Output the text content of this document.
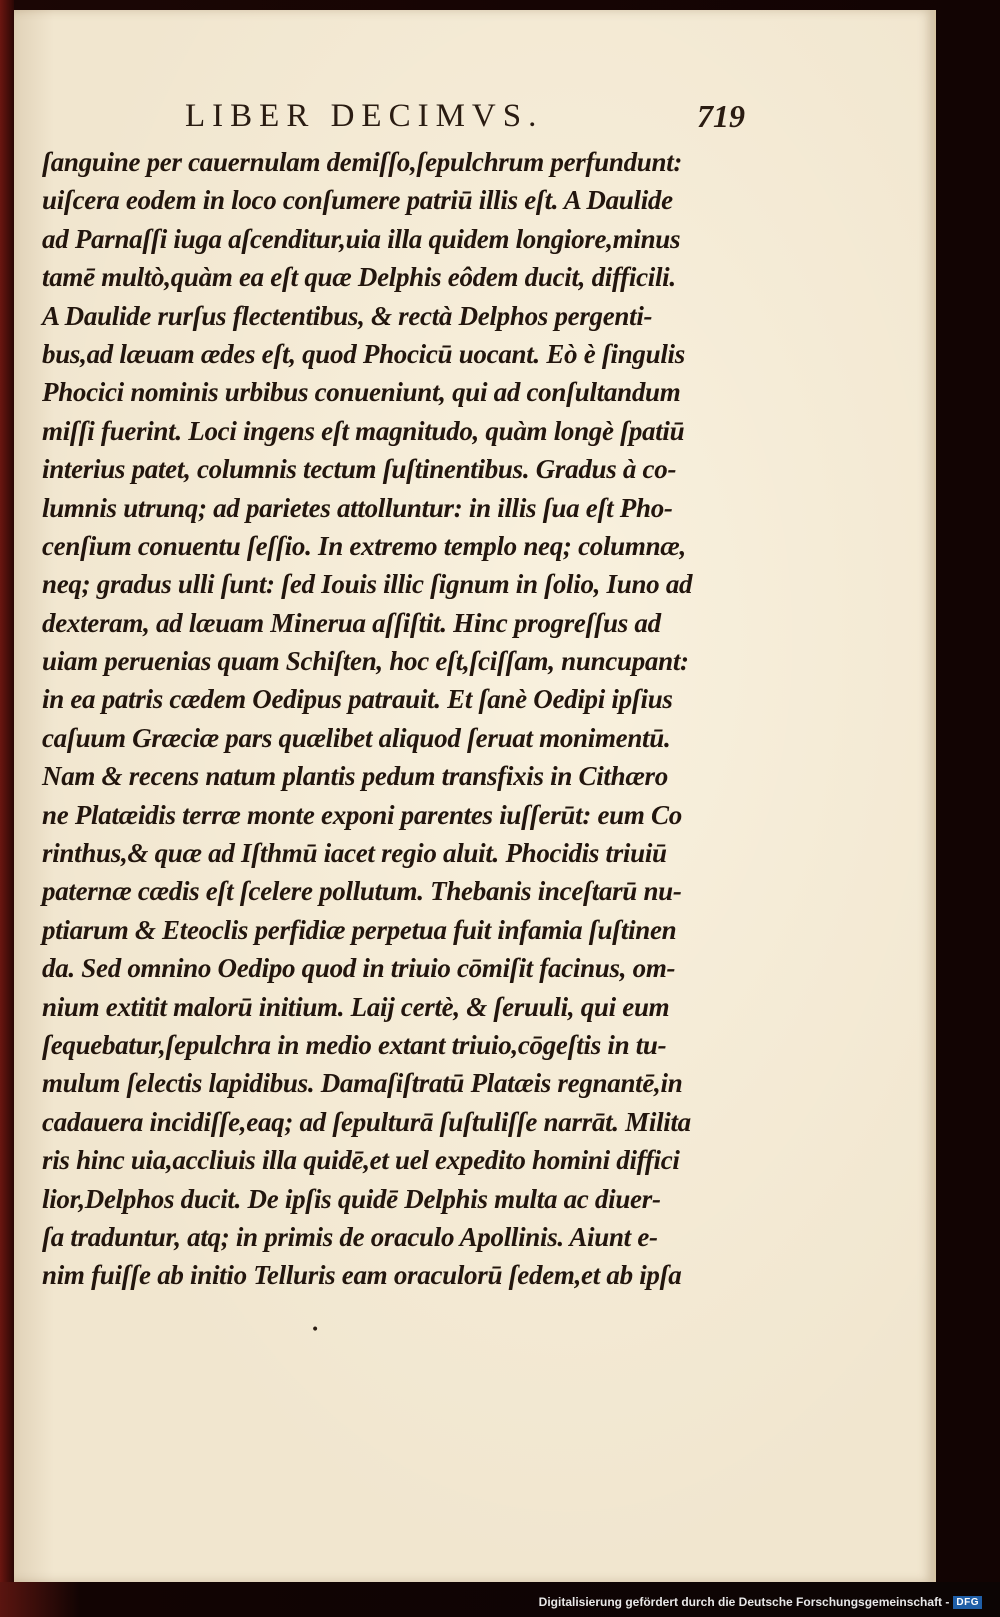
LIBER DECIMVS.	719
ſanguine per cauernulam demiſſo,ſepulchrum perfundunt:
uiſcera eodem in loco conſumere patriū illis eſt. A Daulide
ad Parnaſſi iuga aſcenditur,uia illa quidem longiore,minus
tamē multò,quàm ea eſt quæ Delphis eôdem ducit, difficili.
A Daulide rurſus flectentibus, & rectà Delphos pergenti-
bus,ad læuam ædes eſt, quod Phocicū uocant. Eò è ſingulis
Phocici nominis urbibus conueniunt, qui ad conſultandum
miſſi fuerint. Loci ingens eſt magnitudo, quàm longè ſpatiū
interius patet, columnis tectum ſuſtinentibus. Gradus à co-
lumnis utrunq; ad parietes attolluntur: in illis ſua eſt Pho-
cenſium conuentu ſeſſio. In extremo templo neq; columnæ,
neq; gradus ulli ſunt: ſed Iouis illic ſignum in ſolio, Iuno ad
dexteram, ad læuam Minerua aſſiſtit. Hinc progreſſus ad
uiam peruenias quam Schiſten, hoc eſt,ſciſſam, nuncupant:
in ea patris cædem Oedipus patrauit. Et ſanè Oedipi ipſius
caſuum Græciæ pars quælibet aliquod ſeruat monimentū.
Nam & recens natum plantis pedum transfixis in Cithæro
ne Platæidis terræ monte exponi parentes iuſſerūt: eum Co
rinthus,& quæ ad Iſthmū iacet regio aluit. Phocidis triuiū
paternæ cædis eſt ſcelere pollutum. Thebanis inceſtarū nu-
ptiarum & Eteoclis perfidiæ perpetua fuit infamia ſuſtinen
da. Sed omnino Oedipo quod in triuio cōmiſit facinus, om-
nium extitit malorū initium. Laij certè, & ſeruuli, qui eum
ſequebatur,ſepulchra in medio extant triuio,cōgeſtis in tu-
mulum ſelectis lapidibus. Damaſiſtratū Platæis regnantē,in
cadauera incidiſſe,eaq; ad ſepulturā ſuſtuliſſe narrāt. Milita
ris hinc uia,accliuis illa quidē,et uel expedito homini diffici
lior,Delphos ducit. De ipſis quidē Delphis multa ac diuer-
ſa traduntur, atq; in primis de oraculo Apollinis. Aiunt e-
nim fuiſſe ab initio Telluris eam oraculorū ſedem,et ab ipſa
•
Digitalisierung gefördert durch die Deutsche Forschungsgemeinschaft - DFG
